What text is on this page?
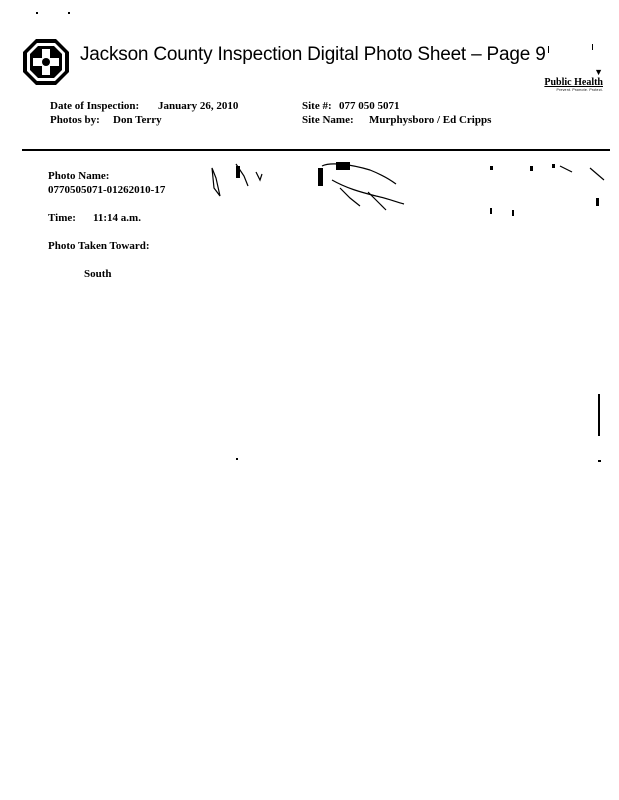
Jackson County Inspection Digital Photo Sheet – Page 9
▼
Public Health
Prevent. Promote. Protect.
Date of Inspection: January 26, 2010
Photos by: Don Terry
Site #: 077 050 5071
Site Name: Murphysboro / Ed Cripps
Photo Name:
0770505071-01262010-17
Time: 11:14 a.m.
Photo Taken Toward:
South
